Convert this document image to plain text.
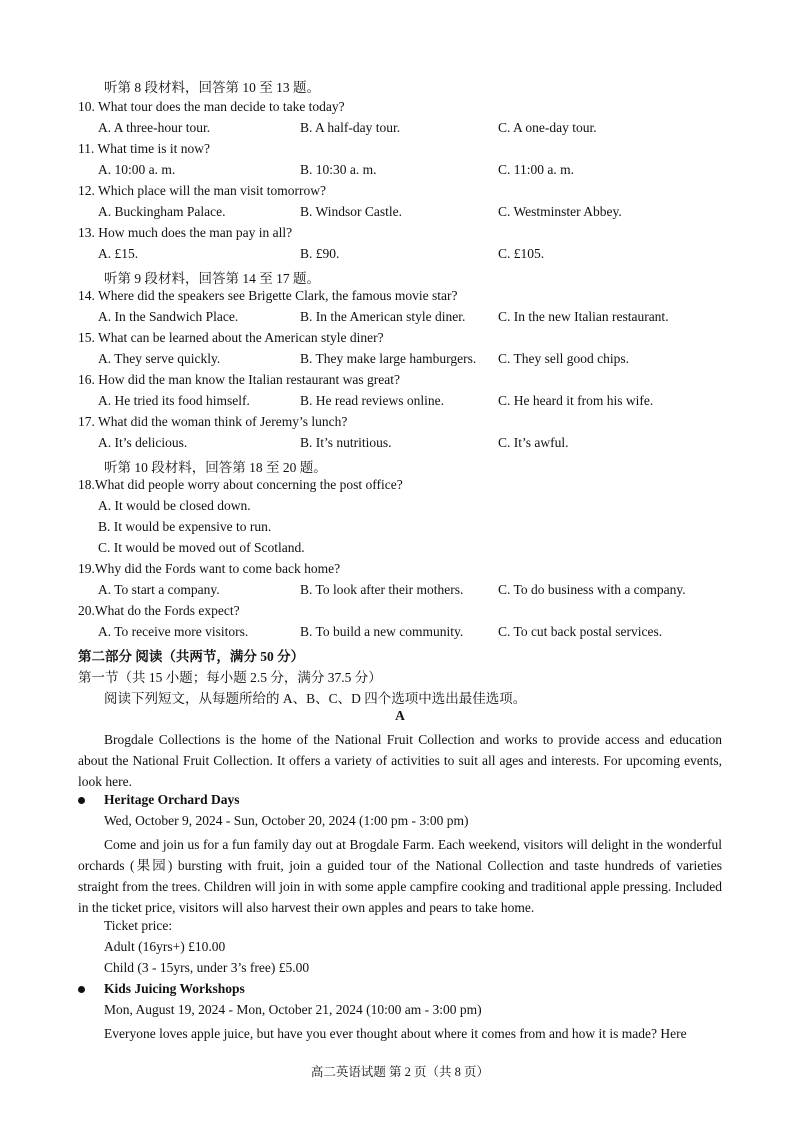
听第 8 段材料，回答第 10 至 13 题。
10. What tour does the man decide to take today?
A. A three-hour tour.	B. A half-day tour.	C. A one-day tour.
11. What time is it now?
A. 10:00 a. m.	B. 10:30 a. m.	C. 11:00 a. m.
12. Which place will the man visit tomorrow?
A. Buckingham Palace.	B. Windsor Castle.	C. Westminster Abbey.
13. How much does the man pay in all?
A. £15.	B. £90.	C. £105.
听第 9 段材料，回答第 14 至 17 题。
14. Where did the speakers see Brigette Clark, the famous movie star?
A. In the Sandwich Place.	B. In the American style diner. C. In the new Italian restaurant.
15. What can be learned about the American style diner?
A. They serve quickly.	B. They make large hamburgers. C. They sell good chips.
16. How did the man know the Italian restaurant was great?
A. He tried its food himself.	B. He read reviews online.	C. He heard it from his wife.
17. What did the woman think of Jeremy’s lunch?
A. It’s delicious.	B. It’s nutritious.	C. It’s awful.
听第 10 段材料，回答第 18 至 20 题。
18.What did people worry about concerning the post office?
A. It would be closed down.
B. It would be expensive to run.
C. It would be moved out of Scotland.
19.Why did the Fords want to come back home?
A. To start a company.	B. To look after their mothers.	C. To do business with a company.
20.What do the Fords expect?
A. To receive more visitors.	B. To build a new community.	C. To cut back postal services.
第二部分 阅读（共两节，满分 50 分）
第一节（共 15 小题；每小题 2.5 分，满分 37.5 分）
阅读下列短文，从每题所给的 A、B、C、D 四个选项中选出最佳选项。
A
Brogdale Collections is the home of the National Fruit Collection and works to provide access and education about the National Fruit Collection. It offers a variety of activities to suit all ages and interests. For upcoming events, look here.
Heritage Orchard Days
Wed, October 9, 2024 - Sun, October 20, 2024 (1:00 pm - 3:00 pm)
Come and join us for a fun family day out at Brogdale Farm. Each weekend, visitors will delight in the wonderful orchards (果园) bursting with fruit, join a guided tour of the National Collection and taste hundreds of varieties straight from the trees. Children will join in with some apple campfire cooking and traditional apple pressing. Included in the ticket price, visitors will also harvest their own apples and pears to take home.
Ticket price:
Adult (16yrs+) £10.00
Child (3 - 15yrs, under 3’s free) £5.00
Kids Juicing Workshops
Mon, August 19, 2024 - Mon, October 21, 2024 (10:00 am - 3:00 pm)
Everyone loves apple juice, but have you ever thought about where it comes from and how it is made? Here
高二英语试题 第 2 页（共 8 页）
